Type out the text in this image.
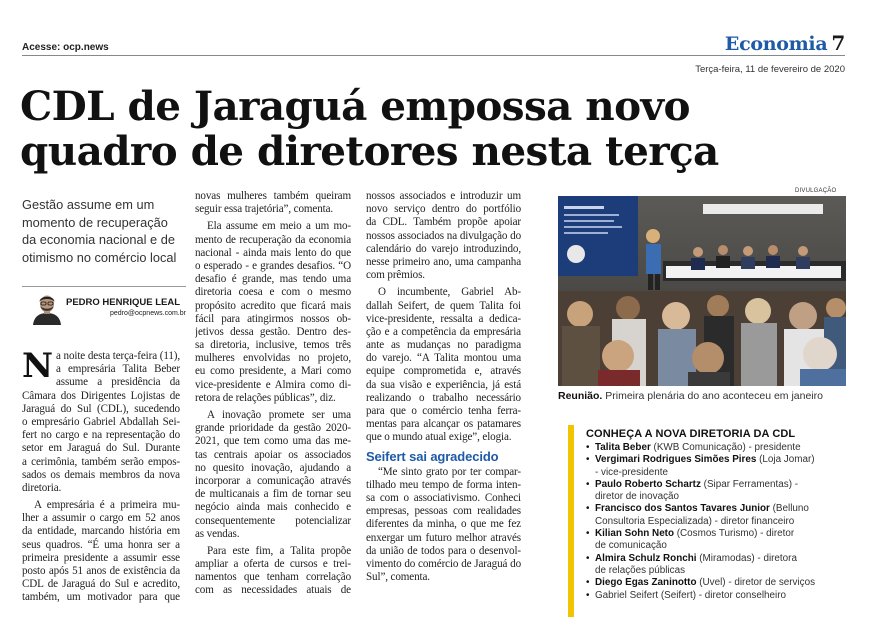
Acesse: ocp.news	Economia 7
Terça-feira, 11 de fevereiro de 2020
CDL de Jaraguá empossa novo
quadro de diretores nesta terça
Gestão assume em um momento de recuperação da economia nacional e de otimismo no comércio local
PEDRO HENRIQUE LEAL
pedro@ocpnews.com.br
N a noite desta terça-feira (11),
a empresária Talita Beber
assume a presidência da
Câmara dos Dirigentes Lojistas de
Jaraguá do Sul (CDL), sucedendo
o empresário Gabriel Abdallah Sei-
fert no cargo e na representação do
setor em Jaraguá do Sul. Durante
a cerimônia, também serão empos-
sados os demais membros da nova
diretoria.
A empresária é a primeira mu-
lher a assumir o cargo em 52 anos
da entidade, marcando história em
seus quadros. “É uma honra ser a
primeira presidente a assumir esse
posto após 51 anos de existência da
CDL de Jaraguá do Sul e acredito,
também, um motivador para que
novas mulheres também queiram
seguir essa trajetória”, comenta.
Ela assume em meio a um mo-
mento de recuperação da economia
nacional - ainda mais lento do que
o esperado - e grandes desafios. “O
desafio é grande, mas tendo uma
diretoria coesa e com o mesmo
propósito acredito que ficará mais
fácil para atingirmos nossos ob-
jetivos dessa gestão. Dentro des-
sa diretoria, inclusive, temos três
mulheres envolvidas no projeto,
eu como presidente, a Mari como
vice-presidente e Almira como di-
retora de relações públicas”, diz.
A inovação promete ser uma
grande prioridade da gestão 2020-
2021, que tem como uma das me-
tas centrais apoiar os associados
no quesito inovação, ajudando a
incorporar a comunicação através
de multicanais a fim de tornar seu
negócio ainda mais conhecido e
consequentemente potencializar
as vendas.
Para este fim, a Talita propõe
ampliar a oferta de cursos e trei-
namentos que tenham correlação
com as necessidades atuais de
nossos associados e introduzir um
novo serviço dentro do portfólio
da CDL. Também propõe apoiar
nossos associados na divulgação do
calendário do varejo introduzindo,
nesse primeiro ano, uma campanha
com prêmios.
O incumbente, Gabriel Ab-
dallah Seifert, de quem Talita foi
vice-presidente, ressalta a dedica-
ção e a competência da empresária
ante as mudanças no paradigma
do varejo. “A Talita montou uma
equipe comprometida e, através
da sua visão e experiência, já está
realizando o trabalho necessário
para que o comércio tenha ferra-
mentas para alcançar os patamares
que o mundo atual exige”, elogia.
Seifert sai agradecido
“Me sinto grato por ter compar-
tilhado meu tempo de forma inten-
sa com o associativismo. Conheci
empresas, pessoas com realidades
diferentes da minha, o que me fez
enxergar um futuro melhor através
da união de todos para o desenvol-
vimento do comércio de Jaraguá do
Sul”, comenta.
DIVULGAÇÃO
Reunião. Primeira plenária do ano aconteceu em janeiro
CONHEÇA A NOVA DIRETORIA DA CDL
• Talita Beber (KWB Comunicação) - presidente
• Vergimari Rodrigues Simões Pires (Loja Jomar)
- vice-presidente
• Paulo Roberto Schartz (Sipar Ferramentas) -
diretor de inovação
• Francisco dos Santos Tavares Junior (Belluno
Consultoria Especializada) - diretor financeiro
• Kilian Sohn Neto (Cosmos Turismo) - diretor
de comunicação
• Almira Schulz Ronchi (Miramodas) - diretora
de relações públicas
• Diego Egas Zaninotto (Uvel) - diretor de serviços
• Gabriel Seifert (Seifert) - diretor conselheiro
